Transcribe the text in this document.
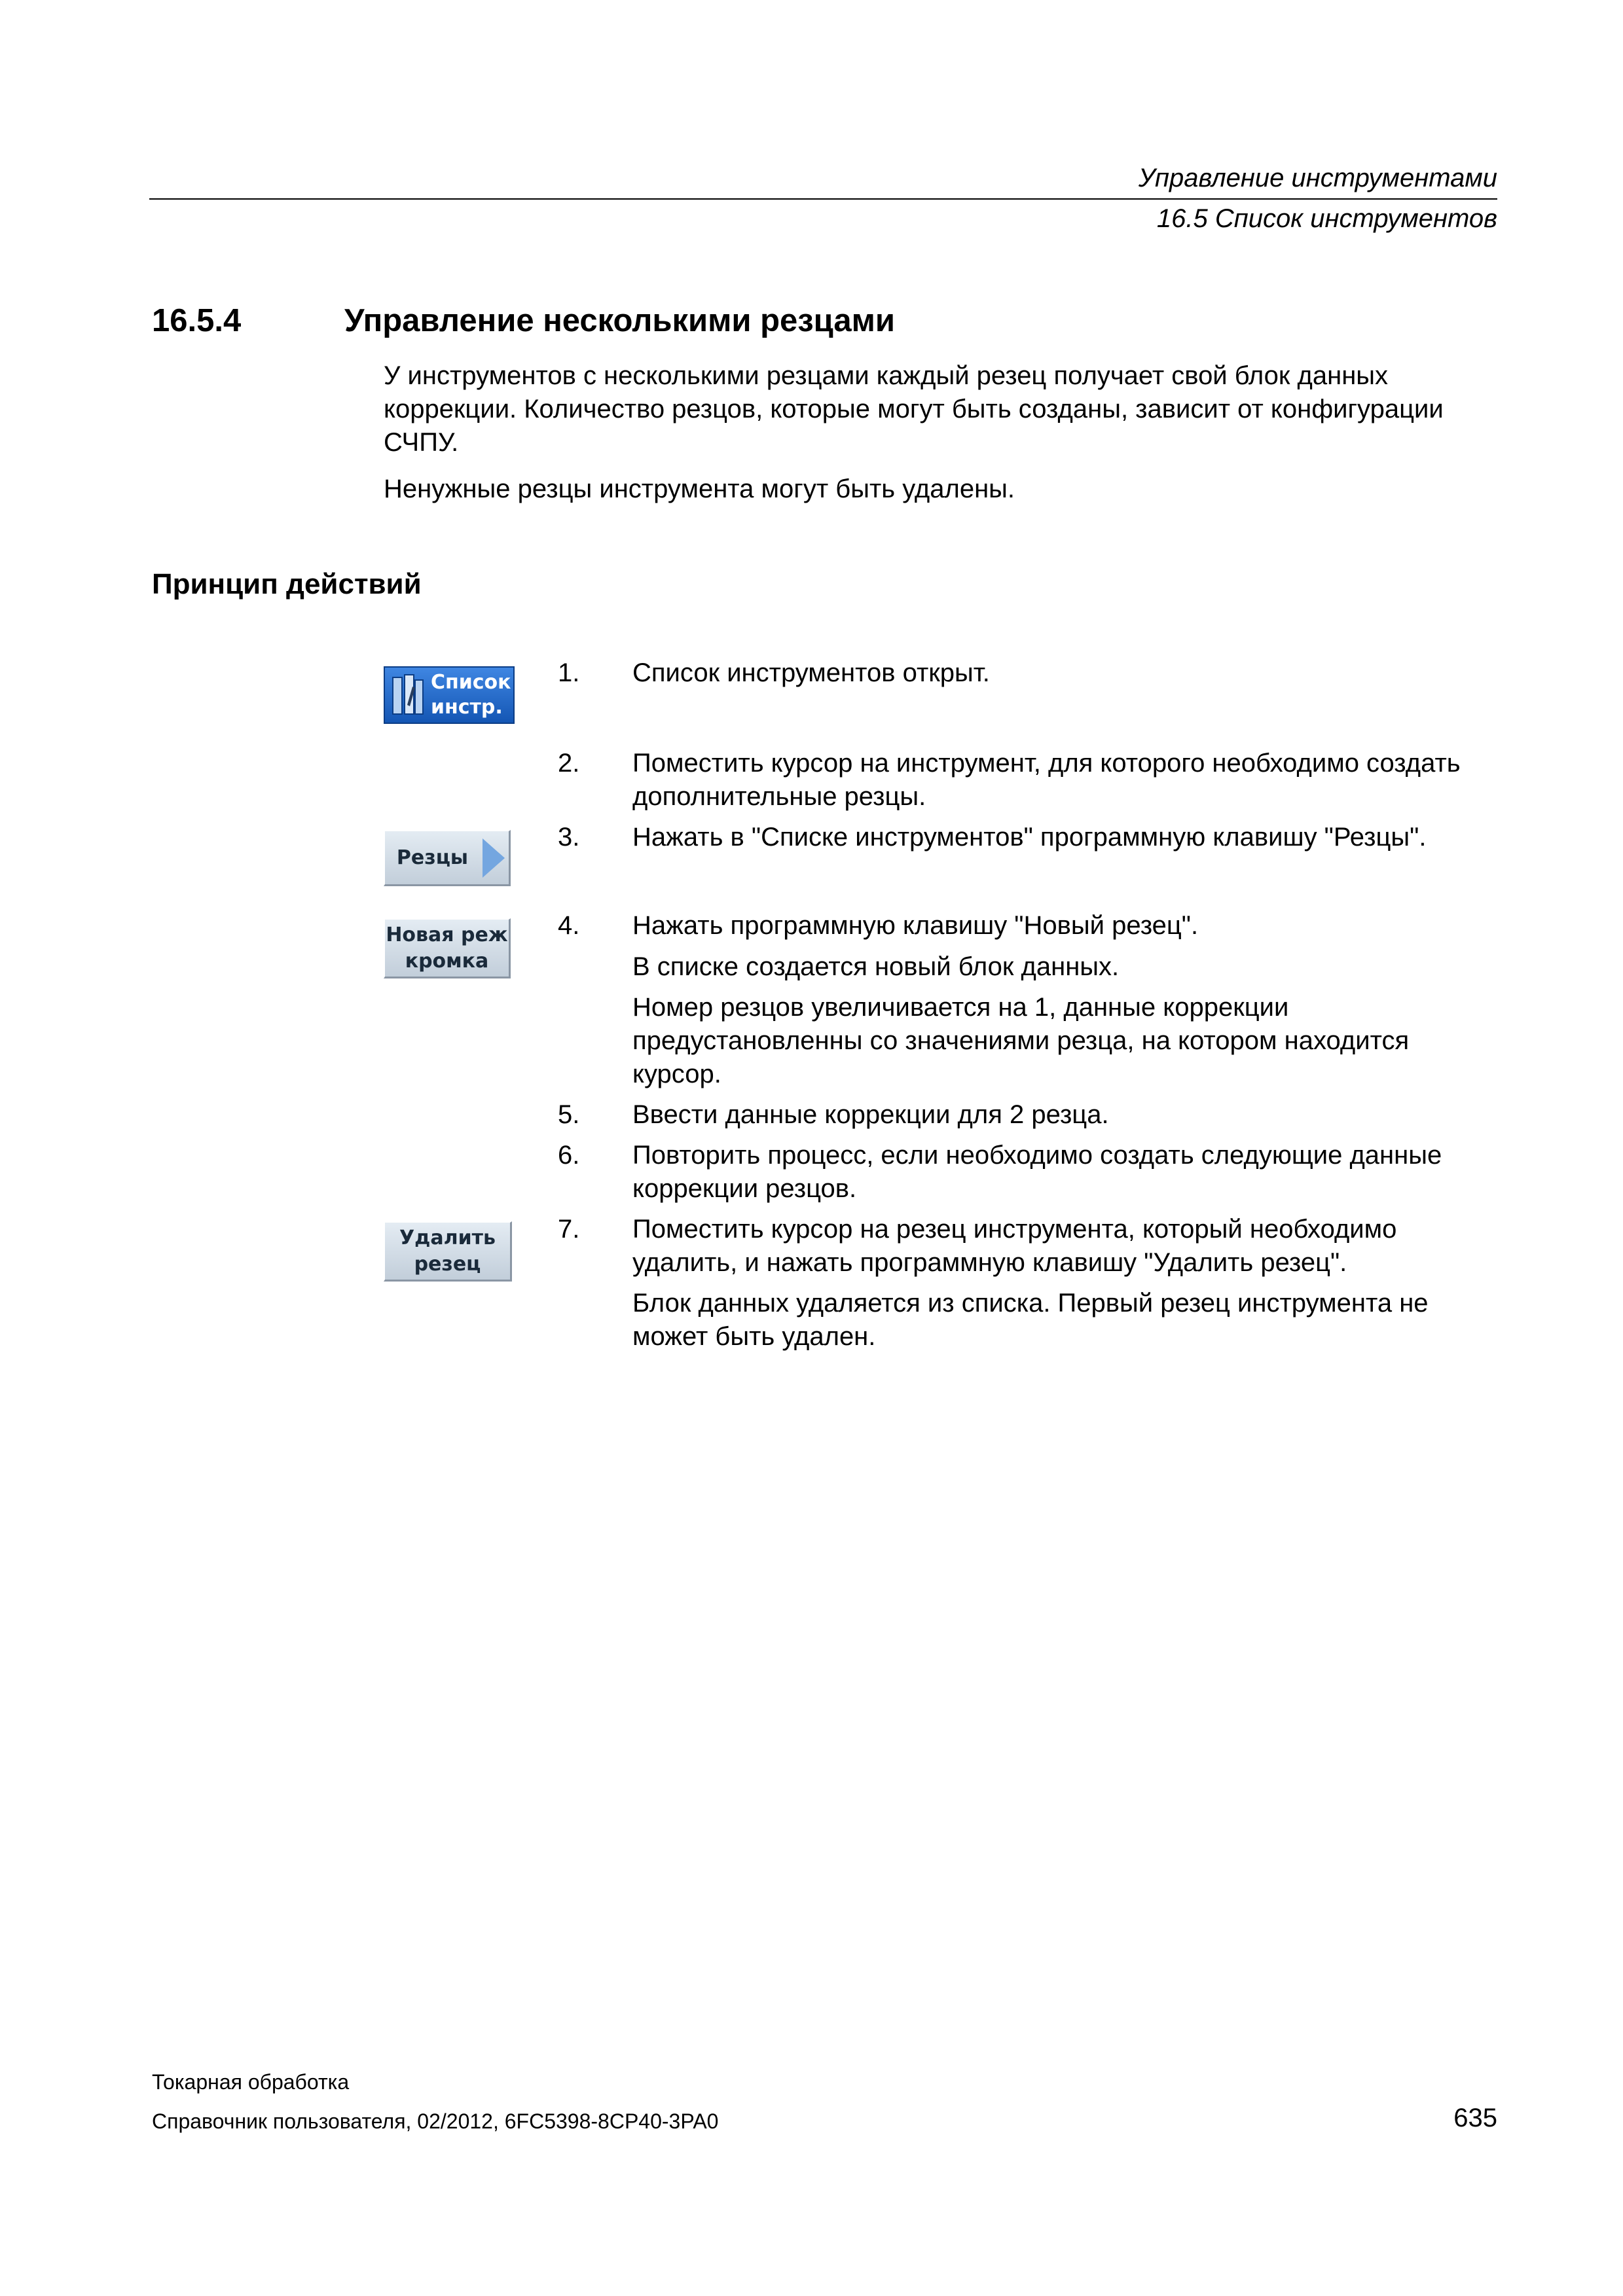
Управление инструментами
16.5 Список инструментов
16.5.4	Управление несколькими резцами
У инструментов с несколькими резцами каждый резец получает свой блок данных коррекции. Количество резцов, которые могут быть созданы, зависит от конфигурации СЧПУ.
Ненужные резцы инструмента могут быть удалены.
Принцип действий
Список
инстр.
Резцы
Новая реж
кромка
Удалить
резец
1. Список инструментов открыт.
2. Поместить курсор на инструмент, для которого необходимо создать дополнительные резцы.
3. Нажать в "Списке инструментов" программную клавишу "Резцы".
4. Нажать программную клавишу "Новый резец".
В списке создается новый блок данных.
Номер резцов увеличивается на 1, данные коррекции предустановленны со значениями резца, на котором находится курсор.
5. Ввести данные коррекции для 2 резца.
6. Повторить процесс, если необходимо создать следующие данные коррекции резцов.
7. Поместить курсор на резец инструмента, который необходимо удалить, и нажать программную клавишу "Удалить резец".
Блок данных удаляется из списка. Первый резец инструмента не может быть удален.
Токарная обработка
Справочник пользователя, 02/2012, 6FC5398-8CP40-3PA0	635
